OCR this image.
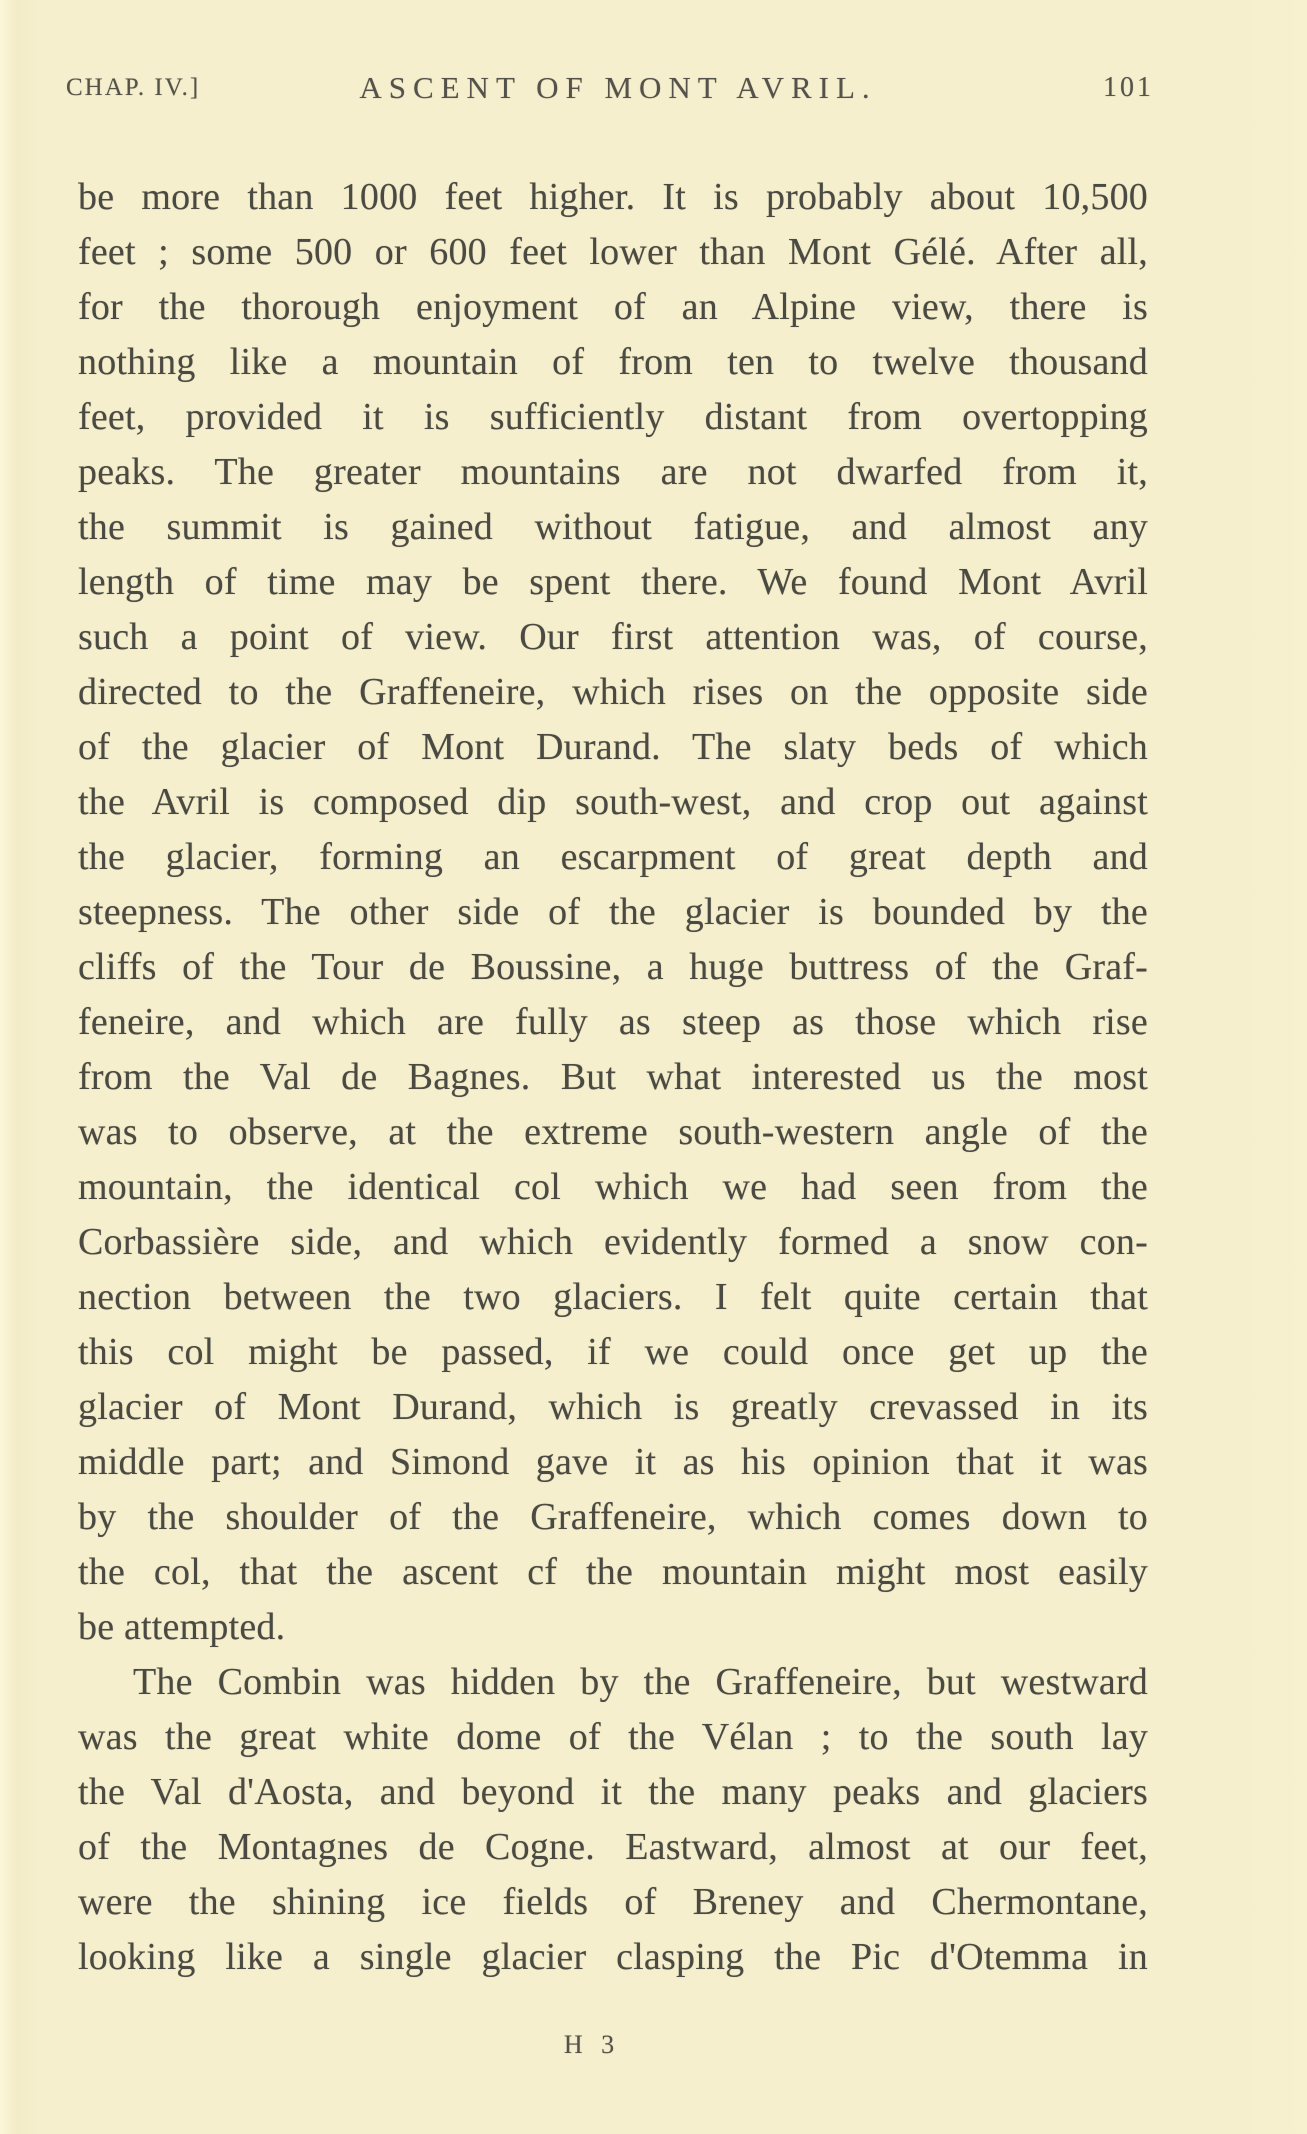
CHAP. IV.]	ASCENT OF MONT AVRIL.	101
be more than 1000 feet higher. It is probably about 10,500
feet ; some 500 or 600 feet lower than Mont Gélé. After all,
for the thorough enjoyment of an Alpine view, there is
nothing like a mountain of from ten to twelve thousand
feet, provided it is sufficiently distant from overtopping
peaks. The greater mountains are not dwarfed from it,
the summit is gained without fatigue, and almost any
length of time may be spent there. We found Mont Avril
such a point of view. Our first attention was, of course,
directed to the Graffeneire, which rises on the opposite side
of the glacier of Mont Durand. The slaty beds of which
the Avril is composed dip south-west, and crop out against
the glacier, forming an escarpment of great depth and
steepness. The other side of the glacier is bounded by the
cliffs of the Tour de Boussine, a huge buttress of the Graf-
feneire, and which are fully as steep as those which rise
from the Val de Bagnes. But what interested us the most
was to observe, at the extreme south-western angle of the
mountain, the identical col which we had seen from the
Corbassière side, and which evidently formed a snow con-
nection between the two glaciers. I felt quite certain that
this col might be passed, if we could once get up the
glacier of Mont Durand, which is greatly crevassed in its
middle part; and Simond gave it as his opinion that it was
by the shoulder of the Graffeneire, which comes down to
the col, that the ascent cf the mountain might most easily
be attempted.
The Combin was hidden by the Graffeneire, but westward
was the great white dome of the Vélan ; to the south lay
the Val d'Aosta, and beyond it the many peaks and glaciers
of the Montagnes de Cogne. Eastward, almost at our feet,
were the shining ice fields of Breney and Chermontane,
looking like a single glacier clasping the Pic d'Otemma in
H 3
